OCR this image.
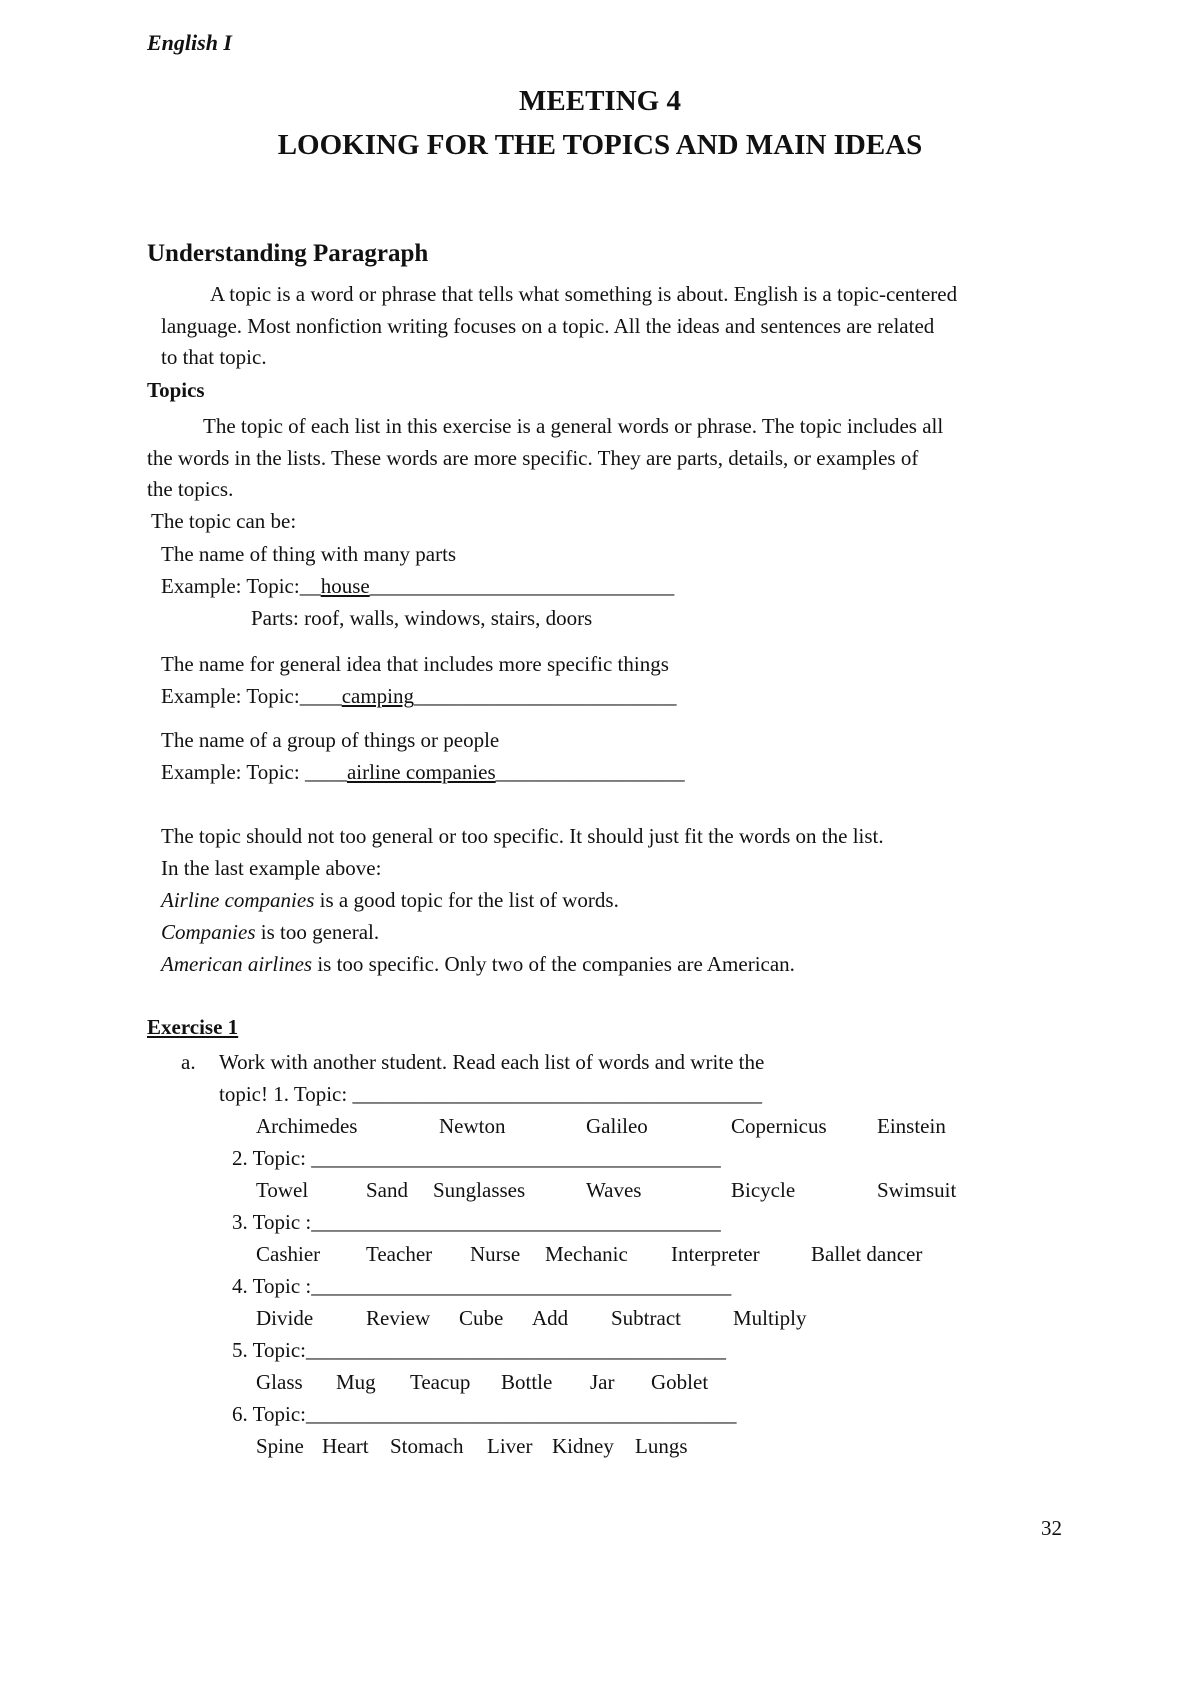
English I
MEETING 4
LOOKING FOR THE TOPICS AND MAIN IDEAS
Understanding Paragraph
A topic is a word or phrase that tells what something is about. English is a topic-centered
language. Most nonfiction writing focuses on a topic. All the ideas and sentences are related
to that topic.
Topics
The topic of each list in this exercise is a general words or phrase. The topic includes all
the words in the lists. These words are more specific. They are parts, details, or examples of
the topics.
The topic can be:
The name of thing with many parts
Example: Topic:__house_____________________________
Parts: roof, walls, windows, stairs, doors
The name for general idea that includes more specific things
Example: Topic:____camping_________________________
The name of a group of things or people
Example: Topic: ____airline companies__________________
The topic should not too general or too specific. It should just fit the words on the list.
In the last example above:
Airline companies is a good topic for the list of words.
Companies is too general.
American airlines is too specific. Only two of the companies are American.
Exercise 1
a. Work with another student. Read each list of words and write the
topic! 1. Topic: _______________________________________
Archimedes	Newton	Galileo	Copernicus Einstein
2. Topic: _______________________________________
Towel	Sand Sunglasses	Waves	Bicycle	Swimsuit
3. Topic :_______________________________________
Cashier Teacher Nurse Mechanic Interpreter Ballet dancer
4. Topic :________________________________________
Divide	Review Cube Add Subtract Multiply
5. Topic:________________________________________
Glass Mug Teacup Bottle Jar Goblet
6. Topic:_________________________________________
Spine Heart Stomach Liver Kidney Lungs
32
